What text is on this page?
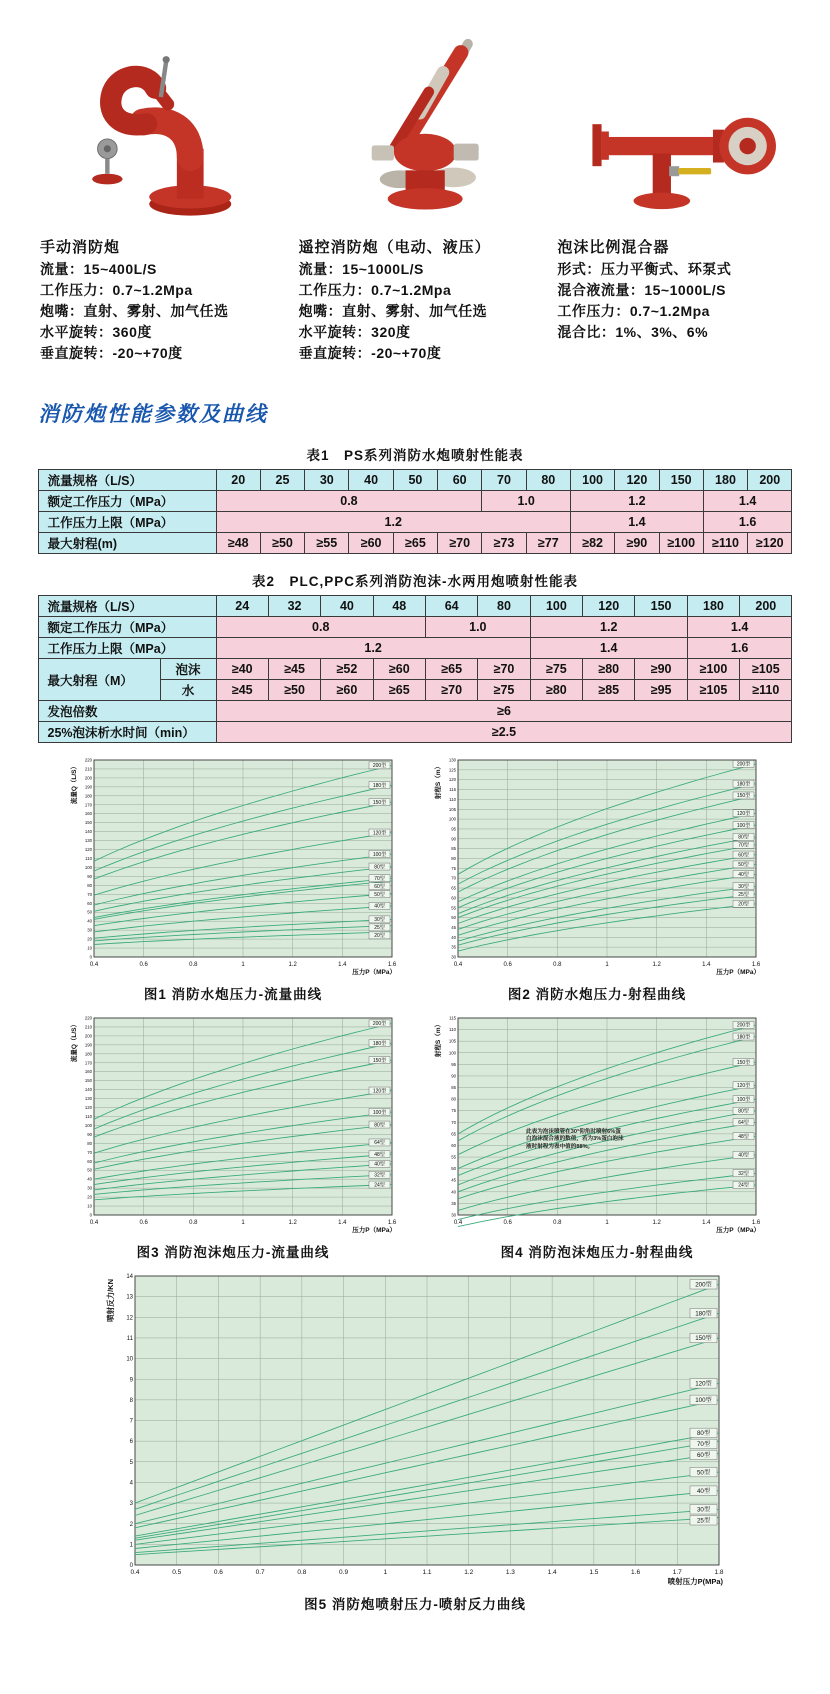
手动消防炮
流量：15~400L/S
工作压力：0.7~1.2Mpa
炮嘴：直射、雾射、加气任选
水平旋转：360度
垂直旋转：-20~+70度
遥控消防炮（电动、液压）
流量：15~1000L/S
工作压力：0.7~1.2Mpa
炮嘴：直射、雾射、加气任选
水平旋转：320度
垂直旋转：-20~+70度
泡沫比例混合器
形式：压力平衡式、环泵式
混合液流量：15~1000L/S
工作压力：0.7~1.2Mpa
混合比：1%、3%、6%
消防炮性能参数及曲线
表1　PS系列消防水炮喷射性能表
流量规格（L/S）	20	25	30	40	50	60	70	80	100	120	150	180	200
额定工作压力（MPa）	0.8						1.0		1.2			1.4	
工作压力上限（MPa）	1.2								1.4			1.6	
最大射程(m)	≥48	≥50	≥55	≥60	≥65	≥70	≥73	≥77	≥82	≥90	≥100	≥110	≥120
表2　PLC,PPC系列消防泡沫-水两用炮喷射性能表
流量规格（L/S）		24	32	40	48	64	80	100	120	150	180	200
额定工作压力（MPa）		0.8				1.0		1.2			1.4	
工作压力上限（MPa）		1.2						1.4			1.6	
最大射程（M）	泡沫	≥40	≥45	≥52	≥60	≥65	≥70	≥75	≥80	≥90	≥100	≥105
	水	≥45	≥50	≥60	≥65	≥70	≥75	≥80	≥85	≥95	≥105	≥110
发泡倍数		≥6										
25%泡沫析水时间（min）		≥2.5										
0
10
20
30
40
50
60
70
80
90
100
110
120
130
140
150
160
170
180
190
200
210
220
0.4	0.6	0.8	1	1.2	1.4	1.6
200型
180型
150型
120型
100型
80型
70型
60型
50型
40型
30型
25型
20型
流量Q（L/S）
压力P（MPa）
图1 消防水炮压力-流量曲线
30
35
40
45
50
55
60
65
70
75
80
85
90
95
100
105
110
115
120
125
130
0.4	0.6	0.8	1	1.2	1.4	1.6
200型
180型
150型
120型
100型
80型
70型
60型
50型
40型
30型
25型
20型
射程S（m）
压力P（MPa）
图2 消防水炮压力-射程曲线
0
10
20
30
40
50
60
70
80
90
100
110
120
130
140
150
160
170
180
190
200
210
220
0.4	0.6	0.8	1	1.2	1.4	1.6
200型
180型
150型
120型
100型
80型
64型
48型
40型
32型
24型
流量Q（L/S）
压力P（MPa）
图3 消防泡沫炮压力-流量曲线
30
35
40
45
50
55
60
65
70
75
80
85
90
95
100
105
110
115
0.4	0.6	0.8	1	1.2	1.4	1.6
200型
180型
150型
120型
100型
80型
64型
48型
40型
32型
24型
射程S（m）
压力P（MPa）
图4 消防泡沫炮压力-射程曲线
此表为泡沫喷管在30°仰角时喷射6%蛋白泡沫混合液的数值，若为3%蛋白泡沫液时射程为表中值的88%。
0
1
2
3
4
5
6
7
8
9
10
11
12
13
14
0.4	0.5	0.6	0.7	0.8	0.9	1	1.1	1.2	1.3	1.4	1.5	1.6	1.7	1.8
200型
180型
150型
120型
100型
80型
70型
60型
50型
40型
30型
25型
喷射反力/KN
喷射压力P(MPa)
图5 消防炮喷射压力-喷射反力曲线
